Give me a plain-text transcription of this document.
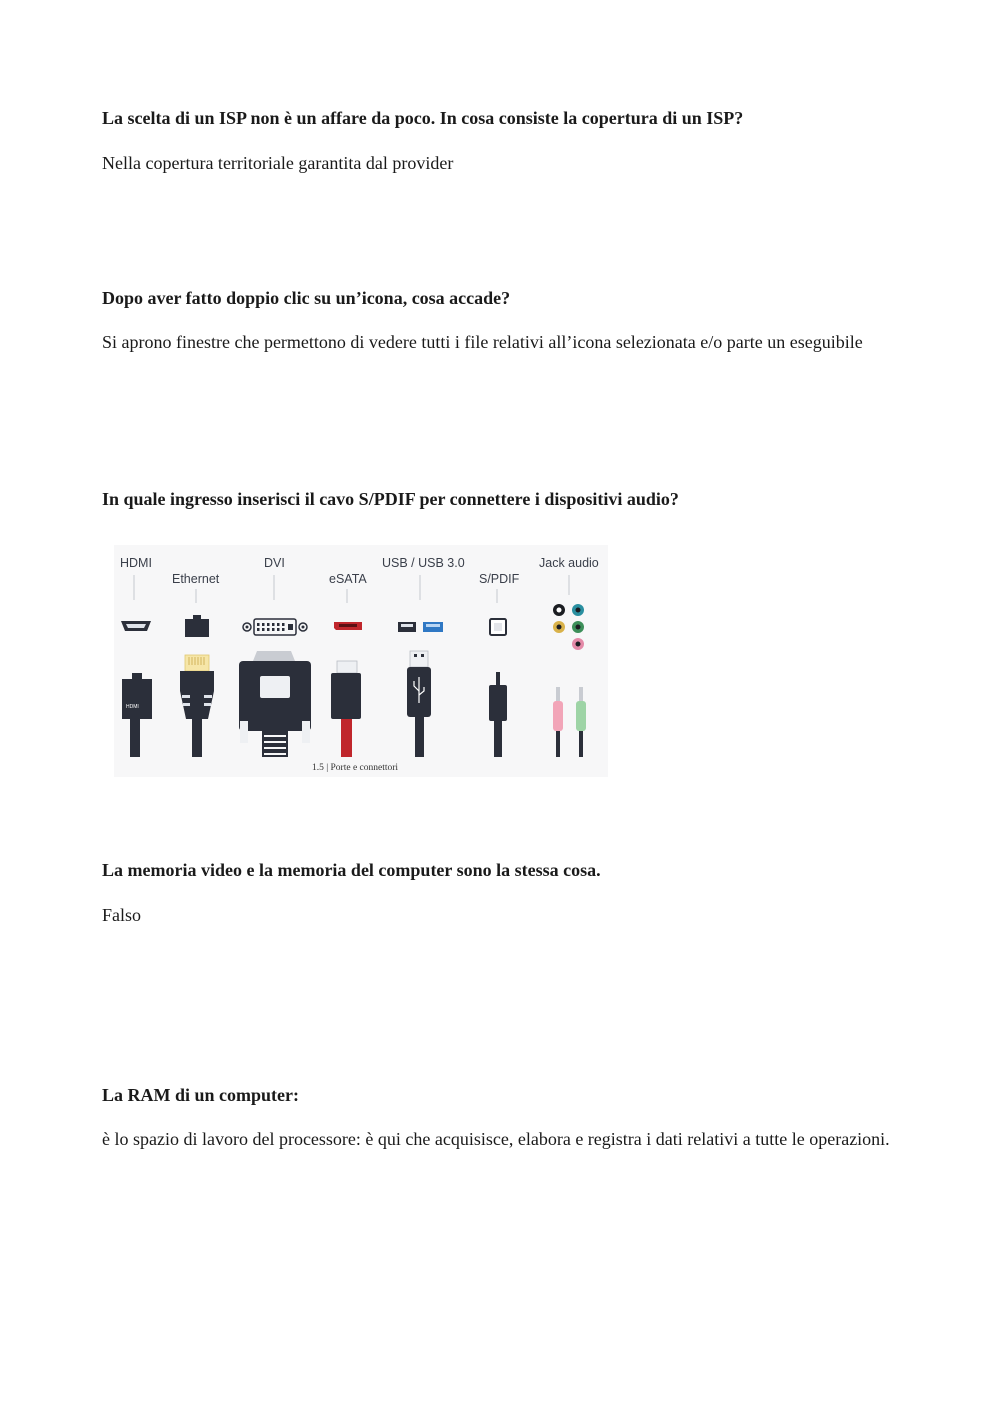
La scelta di un ISP non è un affare da poco. In cosa consiste la copertura di un ISP?

Nella copertura territoriale garantita dal provider

Dopo aver fatto doppio clic su un’icona, cosa accade?

Si aprono finestre che permettono di vedere tutti i file relativi all’icona selezionata e/o parte un eseguibile

In quale ingresso inserisci il cavo S/PDIF per connettere i dispositivi audio?

HDMI
Ethernet
DVI
eSATA
USB / USB 3.0
S/PDIF
Jack audio
HDMI
1.5 | Porte e connettori

La memoria video e la memoria del computer sono la stessa cosa.

Falso

La RAM di un computer:

è lo spazio di lavoro del processore: è qui che acquisisce, elabora e registra i dati relativi a tutte le operazioni.
